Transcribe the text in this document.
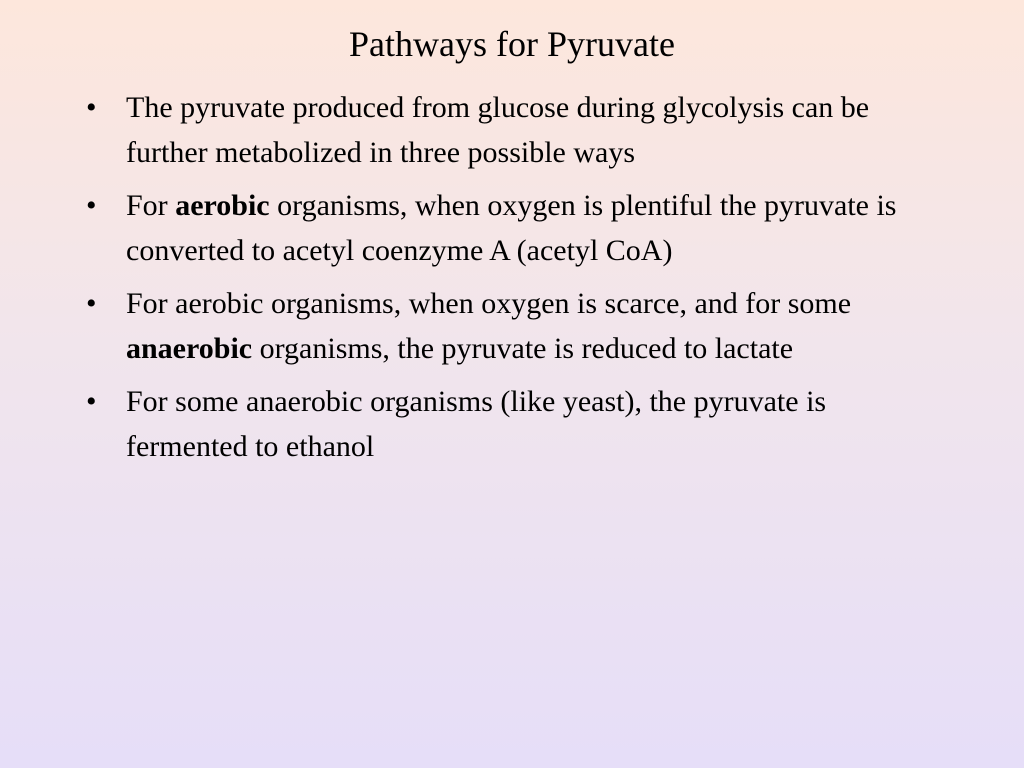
Pathways for Pyruvate
• The pyruvate produced from glucose during glycolysis can be further metabolized in three possible ways
• For aerobic organisms, when oxygen is plentiful the pyruvate is converted to acetyl coenzyme A (acetyl CoA)
• For aerobic organisms, when oxygen is scarce, and for some anaerobic organisms, the pyruvate is reduced to lactate
• For some anaerobic organisms (like yeast), the pyruvate is fermented to ethanol
